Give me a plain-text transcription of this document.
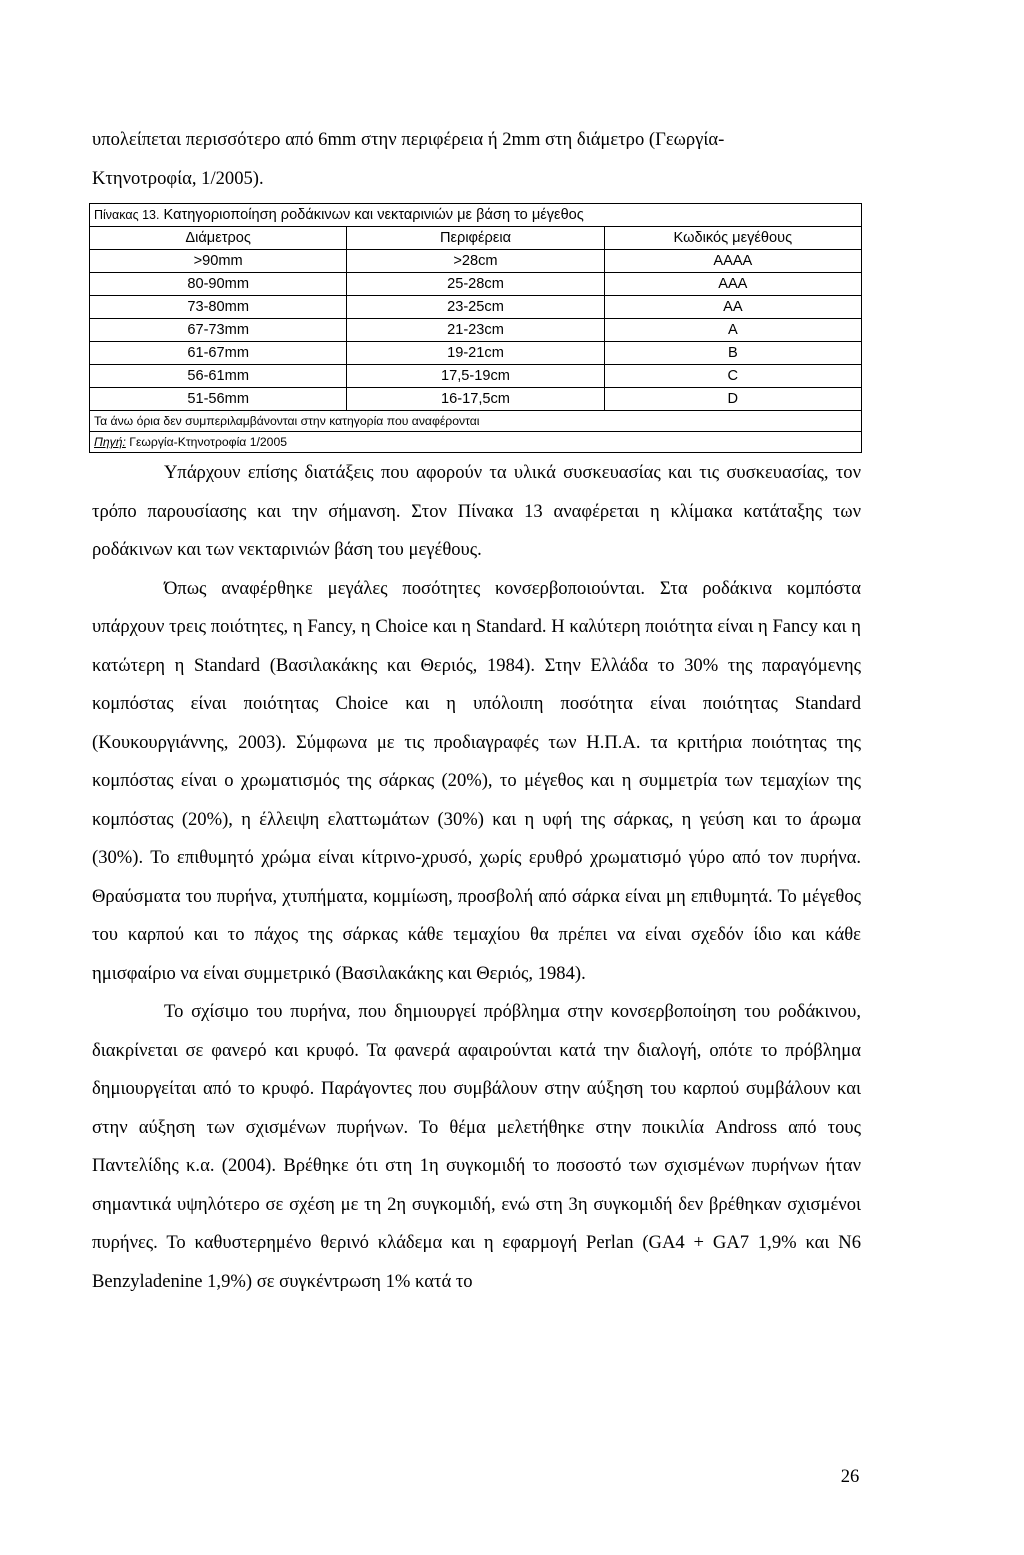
υπολείπεται περισσότερο από 6mm στην περιφέρεια ή 2mm στη διάμετρο (Γεωργία-
Κτηνοτροφία, 1/2005).
Πίνακας 13. Κατηγοριοποίηση ροδάκινων και νεκταρινιών με βάση το μέγεθος		
Διάμετρος	Περιφέρεια	Κωδικός μεγέθους
>90mm	>28cm	AAAA
80-90mm	25-28cm	AAA
73-80mm	23-25cm	AA
67-73mm	21-23cm	A
61-67mm	19-21cm	B
56-61mm	17,5-19cm	C
51-56mm	16-17,5cm	D
Τα άνω όρια δεν συμπεριλαμβάνονται στην κατηγορία που αναφέρονται		
Πηγή: Γεωργία-Κτηνοτροφία 1/2005		

Υπάρχουν επίσης διατάξεις που αφορούν τα υλικά συσκευασίας και τις συσκευασίας, τον τρόπο παρουσίασης και την σήμανση. Στον Πίνακα 13 αναφέρεται η κλίμακα κατάταξης των ροδάκινων και των νεκταρινιών βάση του μεγέθους.

Όπως αναφέρθηκε μεγάλες ποσότητες κονσερβοποιούνται. Στα ροδάκινα κομπόστα υπάρχουν τρεις ποιότητες, η Fancy, η Choice και η Standard. Η καλύτερη ποιότητα είναι η Fancy και η κατώτερη η Standard (Βασιλακάκης και Θεριός, 1984). Στην Ελλάδα το 30% της παραγόμενης κομπόστας είναι ποιότητας Choice και η υπόλοιπη ποσότητα είναι ποιότητας Standard (Κουκουργιάννης, 2003). Σύμφωνα με τις προδιαγραφές των Η.Π.Α. τα κριτήρια ποιότητας της κομπόστας είναι ο χρωματισμός της σάρκας (20%), το μέγεθος και η συμμετρία των τεμαχίων της κομπόστας (20%), η έλλειψη ελαττωμάτων (30%) και η υφή της σάρκας, η γεύση και το άρωμα (30%). Το επιθυμητό χρώμα είναι κίτρινο-χρυσό, χωρίς ερυθρό χρωματισμό γύρο από τον πυρήνα. Θραύσματα του πυρήνα, χτυπήματα, κομμίωση, προσβολή από σάρκα είναι μη επιθυμητά. Το μέγεθος του καρπού και το πάχος της σάρκας κάθε τεμαχίου θα πρέπει να είναι σχεδόν ίδιο και κάθε ημισφαίριο να είναι συμμετρικό (Βασιλακάκης και Θεριός, 1984).

Το σχίσιμο του πυρήνα, που δημιουργεί πρόβλημα στην κονσερβοποίηση του ροδάκινου, διακρίνεται σε φανερό και κρυφό. Τα φανερά αφαιρούνται κατά την διαλογή, οπότε το πρόβλημα δημιουργείται από το κρυφό. Παράγοντες που συμβάλουν στην αύξηση του καρπού συμβάλουν και στην αύξηση των σχισμένων πυρήνων. Το θέμα μελετήθηκε στην ποικιλία Andross από τους Παντελίδης κ.α. (2004). Βρέθηκε ότι στη 1η συγκομιδή το ποσοστό των σχισμένων πυρήνων ήταν σημαντικά υψηλότερο σε σχέση με τη 2η συγκομιδή, ενώ στη 3η συγκομιδή δεν βρέθηκαν σχισμένοι πυρήνες. Το καθυστερημένο θερινό κλάδεμα και η εφαρμογή Perlan (GA4 + GA7 1,9% και N6 Benzyladenine 1,9%) σε συγκέντρωση 1% κατά το

26
